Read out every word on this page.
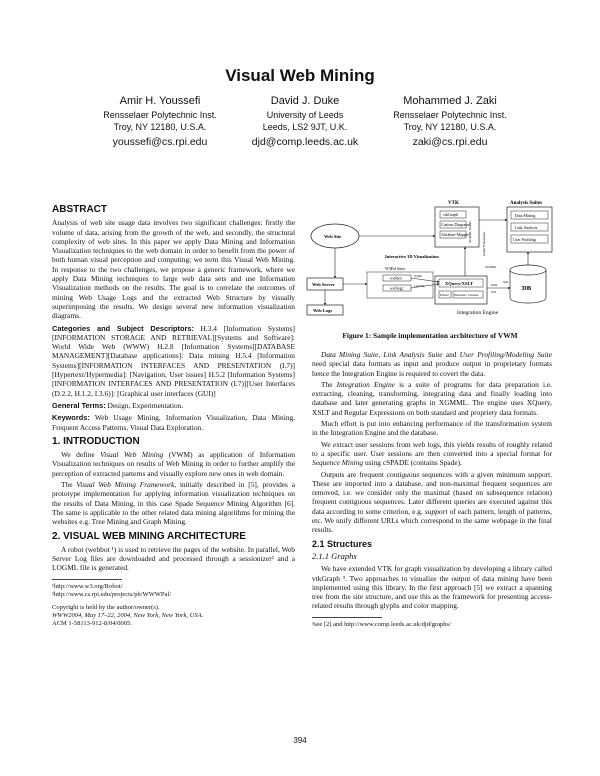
Visual Web Mining
Amir H. Youssefi
Rensselaer Polytechnic Inst.
Troy, NY 12180, U.S.A.
youssefi@cs.rpi.edu
David J. Duke
University of Leeds
Leeds, LS2 9JT, U.K.
djd@comp.leeds.ac.uk
Mohammed J. Zaki
Rensselaer Polytechnic Inst.
Troy, NY 12180, U.S.A.
zaki@cs.rpi.edu
ABSTRACT

Analysis of web site usage data involves two significant challenges: firstly the volume of data, arising from the growth of the web, and secondly, the structural complexity of web sites. In this paper we apply Data Mining and Information Visualization techniques to the web domain in order to benefit from the power of both human visual perception and computing; we term this Visual Web Mining. In response to the two challenges, we propose a generic framework, where we apply Data Mining techniques to large web data sets and use Information Visualization methods on the results. The goal is to correlate the outcomes of mining Web Usage Logs and the extracted Web Structure by visually superimposing the results. We design several new information visualization diagrams.

Categories and Subject Descriptors: H.3.4 [Information Systems][INFORMATION STORAGE AND RETRIEVAL][Systems and Software]: World Wide Web (WWW) H.2.8 [Information Systems][DATABASE MANAGEMENT][Database applications]: Data mining H.5.4 [Information Systems][INFORMATION INTERFACES AND PRESENTATION (I.7)][Hypertext/Hypermedia]: [Navigation, User issues] H.5.2 [Information Systems][INFORMATION INTERFACES AND PRESENTATION (I.7)][User Interfaces (D.2.2, H.1.2, I.3.6)]: [Graphical user interfaces (GUI)]

General Terms: Design, Experimentation.

Keywords: Web Usage Mining, Information Visualization, Data Mining, Frequent Access Patterns, Visual Data Exploration.

1. INTRODUCTION

We define Visual Web Mining (VWM) as application of Information Visualization techniques on results of Web Mining in order to further amplify the perception of extracted patterns and visually explore new ones in web domain.

The Visual Web Mining Framework, initially described in [5], provides a prototype implementation for applying information visualization techniques on the results of Data Mining, in this case Spade Sequence Mining Algorithm [6]. The same is applicable to the other related data mining algorithms for mining the websites e.g. Tree Mining and Graph Mining.

2. VISUAL WEB MINING ARCHITECTURE

A robot (webbot ¹) is used to retrieve the pages of the website. In parallel, Web Server Log files are downloaded and processed through a sessionizer² and a LOGML file is generated.

¹http://www.w3.org/Robot/
²http://www.cs.rpi.edu/projects/pb/WWWPal/
Copyright is held by the author/owner(s).
WWW2004, May 17–22, 2004, New York, New York, USA.
ACM 1-58113-912-8/04/0005.
VTK
vtkGraph
Custom Diagrams
Attribute Mapper XGMML Reader	Graph Transformer
Analysis Suites
Data Mining
Link Analysis
User Profiling
Web Site
Interactive 3D Visualization
W3Pal Suite
webbot
weblogr
SGML
LOGML
Web Server
Web Logs
XQuery/XSLT
Parser Heuristic Cleaner
XGMML
XML
XSL
SQL
Integration Engine
DB
Figure 1: Sample implementation architecture of VWM

Data Mining Suite, Link Analysis Suite and User Profiling/Modeling Suite need special data formats as input and produce output in proprietary formats hence the Integration Engine is required to covert the data.

The Integration Engine is a suite of programs for data preparation i.e. extracting, cleaning, transforming, integrating data and finally loading into database and later generating graphs in XGMML. The engine uses XQuery, XSLT and Regular Expressions on both standard and propriety data formats.

Much effort is put into enhancing performance of the transformation system in the Integration Engine and the database.

We extract user sessions from web logs, this yields results of roughly related to a specific user. User sessions are then converted into a special format for Sequence Mining using cSPADE (contains Spade).

Outputs are frequent contiguous sequences with a given minimum support. These are imported into a database, and non-maximal frequent sequences are removed, i.e. we consider only the maximal (based on subsequence relation) frequent contiguous sequences. Later different queries are executed against this data according to some criterion, e.g. support of each pattern, length of patterns, etc. We unify different URLs which correspond to the same webpage in the final results.

2.1 Structures
2.1.1 Graphs

We have extended VTK for graph visualization by developing a library called vtkGraph ³. Two approaches to visualize the output of data mining have been implemented using this library. In the first approach [5] we extract a spanning tree from the site structure, and use this as the framework for presenting access-related results through glyphs and color mapping.

³see [2] and http://www.comp.leeds.ac.uk/djd/graphs/
394
